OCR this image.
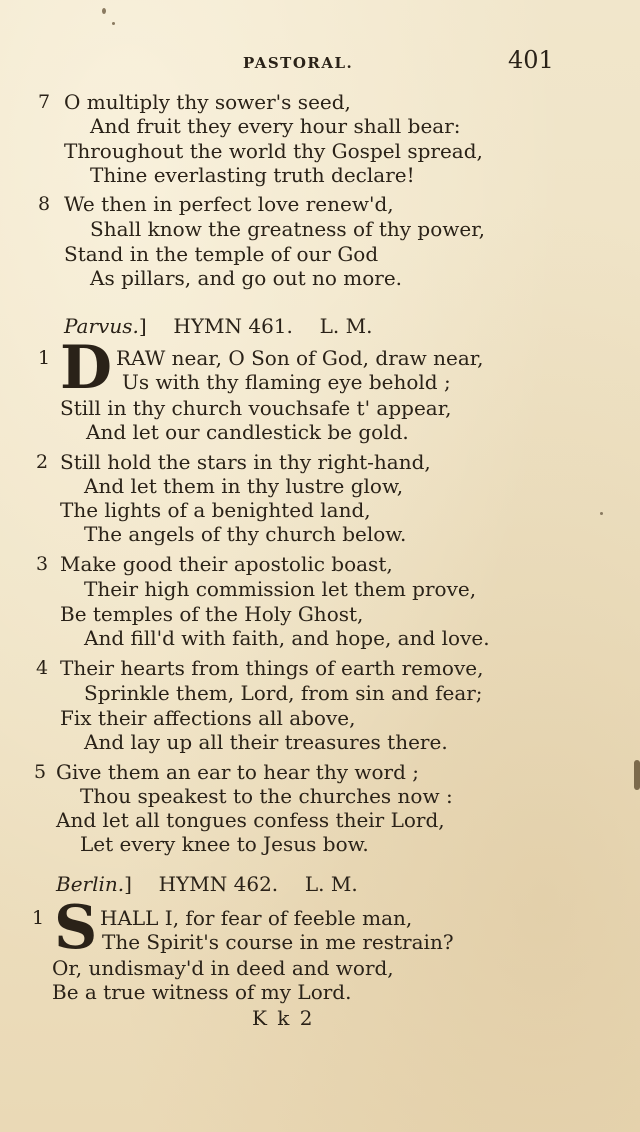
PASTORAL.	401
7 O multiply thy sower's seed,
And fruit they every hour shall bear:
Throughout the world thy Gospel spread,
Thine everlasting truth declare!
8 We then in perfect love renew'd,
Shall know the greatness of thy power,
Stand in the temple of our God
As pillars, and go out no more.
Parvus.] HYMN 461. L. M.
1 D RAW near, O Son of God, draw near,
Us with thy flaming eye behold ;
Still in thy church vouchsafe t' appear,
And let our candlestick be gold.
2 Still hold the stars in thy right-hand,
And let them in thy lustre glow,
The lights of a benighted land,
The angels of thy church below.
3 Make good their apostolic boast,
Their high commission let them prove,
Be temples of the Holy Ghost,
And fill'd with faith, and hope, and love.
4 Their hearts from things of earth remove,
Sprinkle them, Lord, from sin and fear;
Fix their affections all above,
And lay up all their treasures there.
5 Give them an ear to hear thy word ;
Thou speakest to the churches now :
And let all tongues confess their Lord,
Let every knee to Jesus bow.
Berlin.] HYMN 462. L. M.
1 S HALL I, for fear of feeble man,
The Spirit's course in me restrain?
Or, undismay'd in deed and word,
Be a true witness of my Lord.
K k 2
